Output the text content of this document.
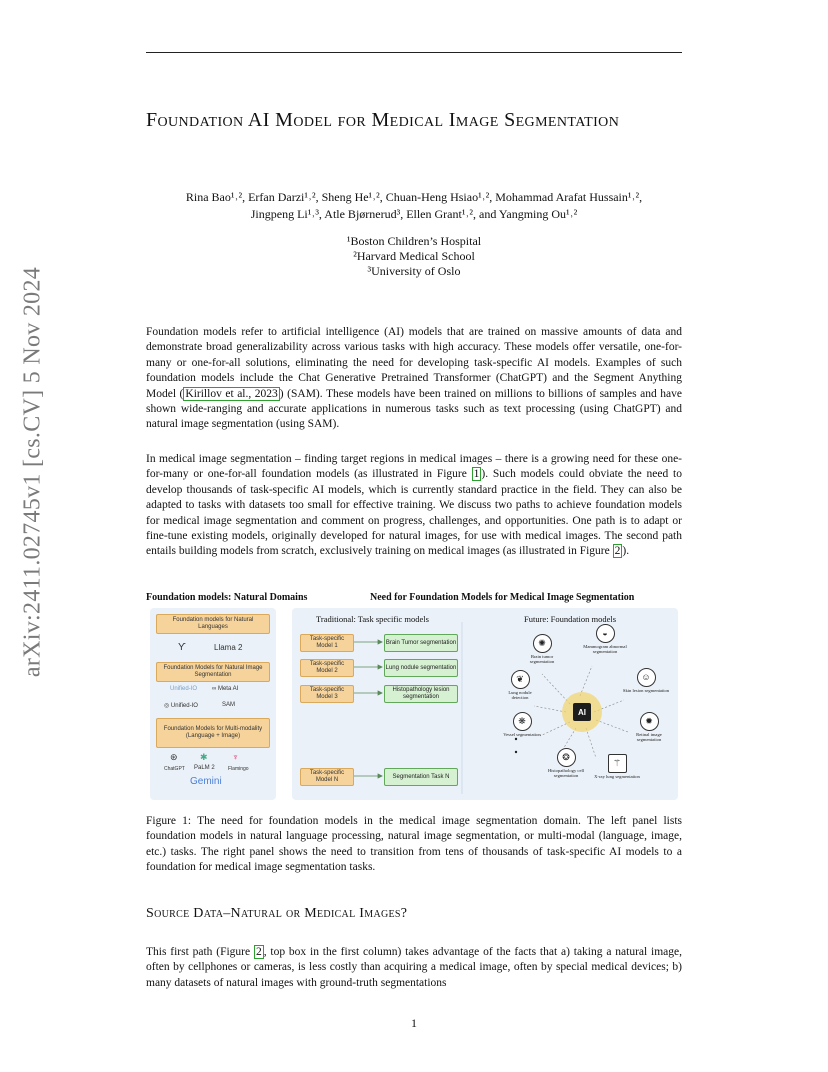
arXiv:2411.02745v1 [cs.CV] 5 Nov 2024
Foundation AI Model for Medical Image Segmentation
Rina Bao¹˒², Erfan Darzi¹˒², Sheng He¹˒², Chuan-Heng Hsiao¹˒², Mohammad Arafat Hussain¹˒²,
Jingpeng Li¹˒³, Atle Bjørnerud³, Ellen Grant¹˒², and Yangming Ou¹˒²
¹Boston Children’s Hospital
²Harvard Medical School
³University of Oslo
Foundation models refer to artificial intelligence (AI) models that are trained on massive amounts of data and demonstrate broad generalizability across various tasks with high accuracy. These models offer versatile, one-for-many or one-for-all solutions, eliminating the need for developing task-specific AI models. Examples of such foundation models include the Chat Generative Pretrained Transformer (ChatGPT) and the Segment Anything Model ( Kirillov et al., 2023 ) (SAM). These models have been trained on millions to billions of samples and have shown wide-ranging and accurate applications in numerous tasks such as text processing (using ChatGPT) and natural image segmentation (using SAM).
In medical image segmentation – finding target regions in medical images – there is a growing need for these one-for-many or one-for-all foundation models (as illustrated in Figure 1 ). Such models could obviate the need to develop thousands of task-specific AI models, which is currently standard practice in the field. They can also be adapted to tasks with datasets too small for effective training. We discuss two paths to achieve foundation models for medical image segmentation and comment on progress, challenges, and opportunities. One path is to adapt or fine-tune existing models, originally developed for natural images, for use with medical images. The second path entails building models from scratch, exclusively training on medical images (as illustrated in Figure 2 ).
Foundation models: Natural Domains	Need for Foundation Models for Medical Image Segmentation
Foundation models for Natural Languages
ϒ	Llama 2
Foundation Models for Natural Image Segmentation
Unified-IO ∞ Meta AI
◎ Unified-IO	SAM
Foundation Models for Multi-modality (Language + Image)
⊛ ✱	♆
ChatGPT PaLM 2	Flamingo
Gemini
Traditional: Task specific models	Future: Foundation models
Task-specific Model 1
Task-specific Model 2
Task-specific Model 3
Task-specific Model N
Brain Tumor segmentation
Lung nodule segmentation
Histopathology lesion segmentation
Segmentation Task N
AI
✺
Brain tumor segmentation
◒
Mammogram abnormal segmentation
❦
Lung nodule detection
☺
Skin lesion segmentation
❋
Vessel segmentation
✹
Retinal image segmentation
❂
Histopathology cell segmentation
⚚
X-ray lung segmentation
Figure 1: The need for foundation models in the medical image segmentation domain. The left panel lists foundation models in natural language processing, natural image segmentation, or multi-modal (language, image, etc.) tasks. The right panel shows the need to transition from tens of thousands of task-specific AI models to a foundation for medical image segmentation tasks.
Source Data–Natural or Medical Images?
This first path (Figure 2 , top box in the first column) takes advantage of the facts that a) taking a natural image, often by cellphones or cameras, is less costly than acquiring a medical image, often by special medical devices; b) many datasets of natural images with ground-truth segmentations
1
